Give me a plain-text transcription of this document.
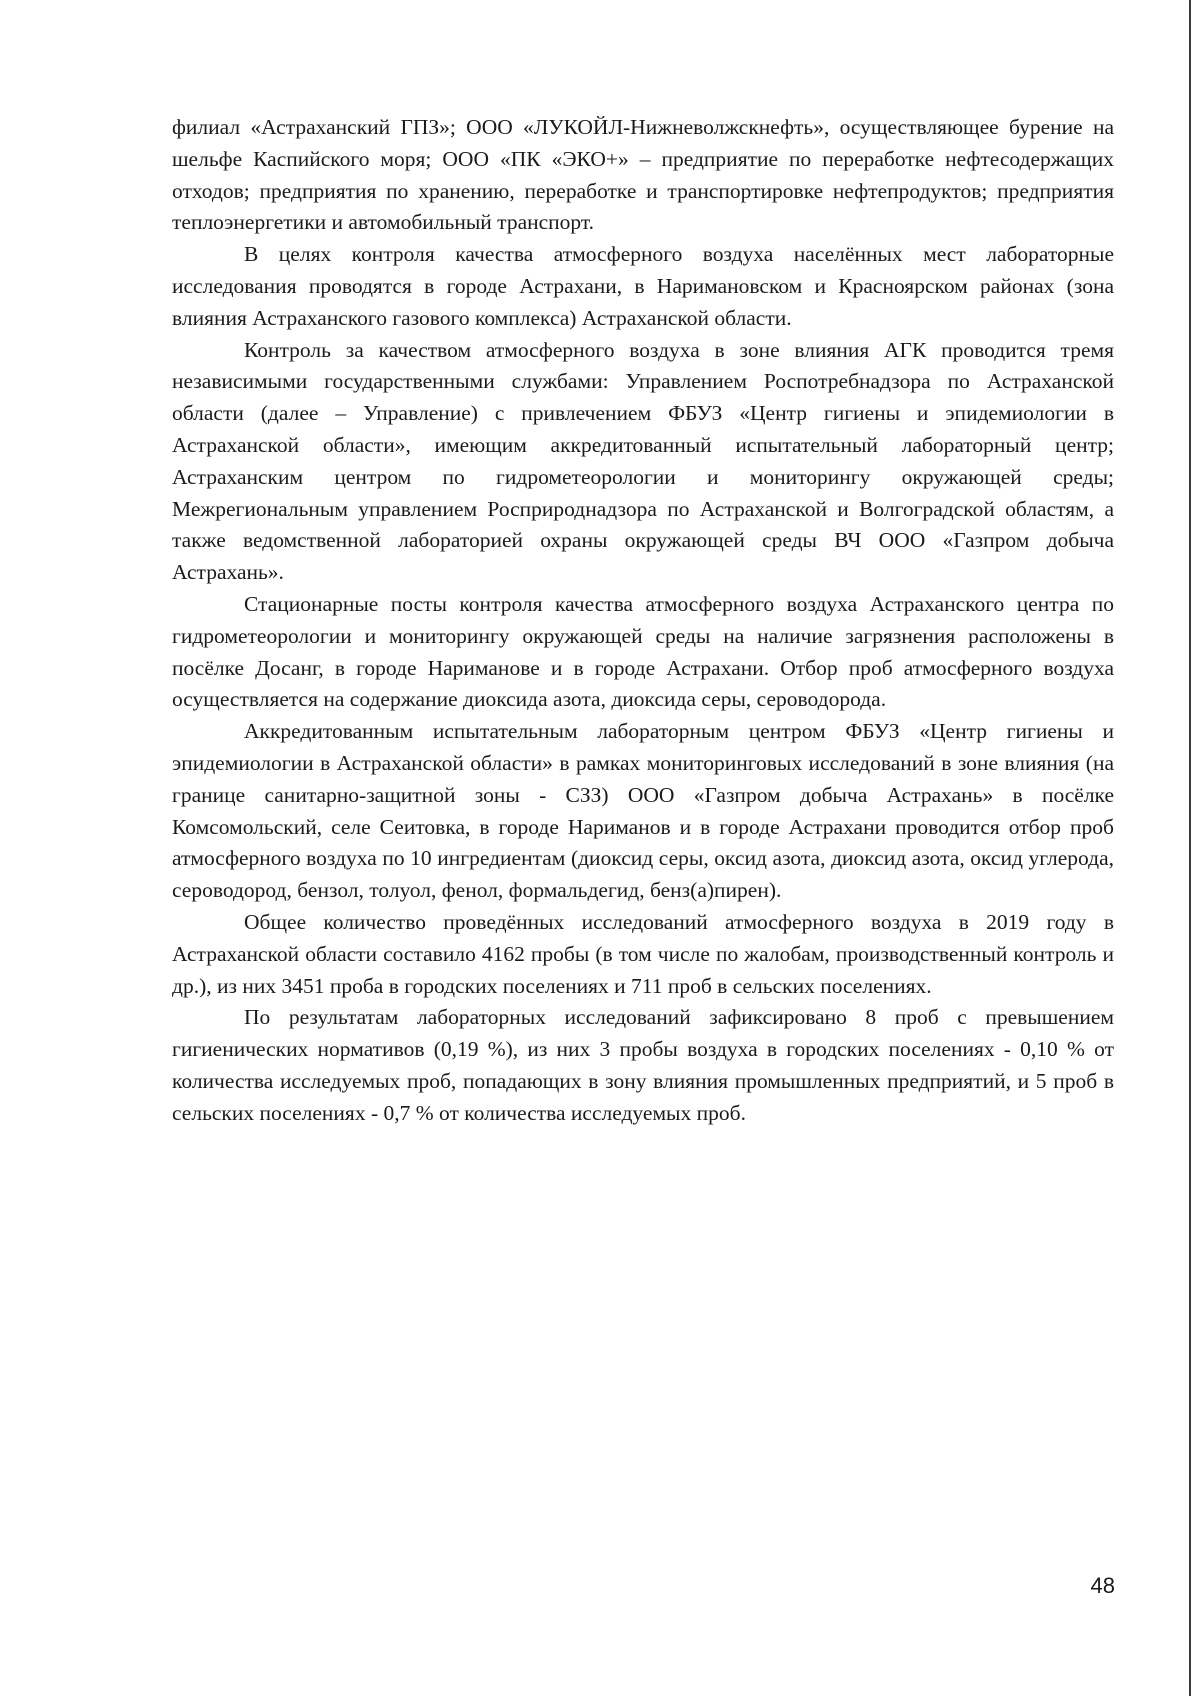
филиал «Астраханский ГПЗ»; ООО «ЛУКОЙЛ-Нижневолжскнефть», осуществляющее бурение на шельфе Каспийского моря; ООО «ПК «ЭКО+» – предприятие по переработке нефтесодержащих отходов; предприятия по хранению, переработке и транспортировке нефтепродуктов; предприятия теплоэнергетики и автомобильный транспорт.

В целях контроля качества атмосферного воздуха населённых мест лабораторные исследования проводятся в городе Астрахани, в Наримановском и Красноярском районах (зона влияния Астраханского газового комплекса) Астраханской области.

Контроль за качеством атмосферного воздуха в зоне влияния АГК проводится тремя независимыми государственными службами: Управлением Роспотребнадзора по Астраханской области (далее – Управление) с привлечением ФБУЗ «Центр гигиены и эпидемиологии в Астраханской области», имеющим аккредитованный испытательный лабораторный центр; Астраханским центром по гидрометеорологии и мониторингу окружающей среды; Межрегиональным управлением Росприроднадзора по Астраханской и Волгоградской областям, а также ведомственной лабораторией охраны окружающей среды ВЧ ООО «Газпром добыча Астрахань».

Стационарные посты контроля качества атмосферного воздуха Астраханского центра по гидрометеорологии и мониторингу окружающей среды на наличие загрязнения расположены в посёлке Досанг, в городе Нариманове и в городе Астрахани. Отбор проб атмосферного воздуха осуществляется на содержание диоксида азота, диоксида серы, сероводорода.

Аккредитованным испытательным лабораторным центром ФБУЗ «Центр гигиены и эпидемиологии в Астраханской области» в рамках мониторинговых исследований в зоне влияния (на границе санитарно-защитной зоны - СЗЗ) ООО «Газпром добыча Астрахань» в посёлке Комсомольский, селе Сеитовка, в городе Нариманов и в городе Астрахани проводится отбор проб атмосферного воздуха по 10 ингредиентам (диоксид серы, оксид азота, диоксид азота, оксид углерода, сероводород, бензол, толуол, фенол, формальдегид, бенз(а)пирен).

Общее количество проведённых исследований атмосферного воздуха в 2019 году в Астраханской области составило 4162 пробы (в том числе по жалобам, производственный контроль и др.), из них 3451 проба в городских поселениях и 711 проб в сельских поселениях.

По результатам лабораторных исследований зафиксировано 8 проб с превышением гигиенических нормативов (0,19 %), из них 3 пробы воздуха в городских поселениях - 0,10 % от количества исследуемых проб, попадающих в зону влияния промышленных предприятий, и 5 проб в сельских поселениях - 0,7 % от количества исследуемых проб.

48
